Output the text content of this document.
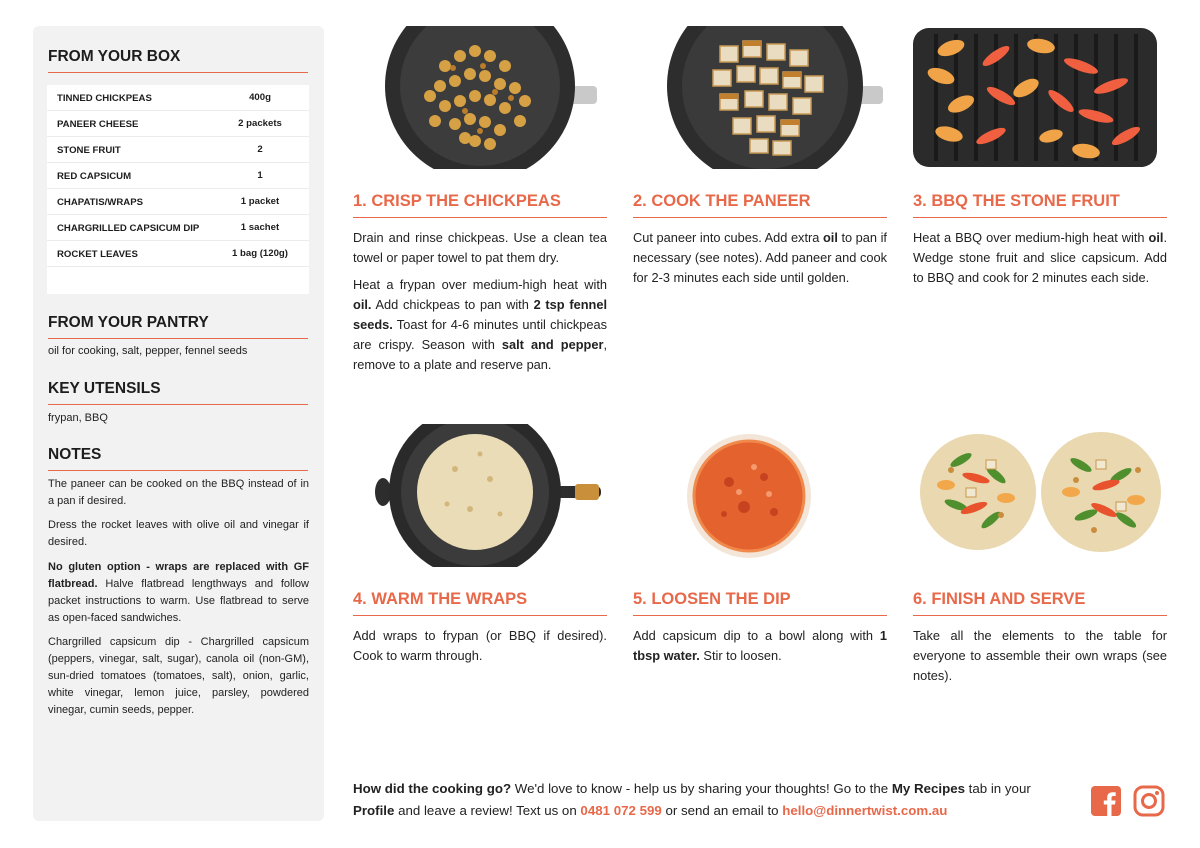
FROM YOUR BOX
TINNED CHICKPEAS	400g
PANEER CHEESE	2 packets
STONE FRUIT	2
RED CAPSICUM	1
CHAPATIS/WRAPS	1 packet
CHARGRILLED CAPSICUM DIP	1 sachet
ROCKET LEAVES	1 bag (120g)
FROM YOUR PANTRY

oil for cooking, salt, pepper, fennel seeds

KEY UTENSILS

frypan, BBQ

NOTES

The paneer can be cooked on the BBQ instead of in a pan if desired.

Dress the rocket leaves with olive oil and vinegar if desired.

No gluten option - wraps are replaced with GF flatbread. Halve flatbread lengthways and follow packet instructions to warm. Use flatbread to serve as open-faced sandwiches.

Chargrilled capsicum dip - Chargrilled capsicum (peppers, vinegar, salt, sugar), canola oil (non-GM), sun-dried tomatoes (tomatoes, salt), onion, garlic, white vinegar, lemon juice, parsley, powdered vinegar, cumin seeds, pepper.

1. CRISP THE CHICKPEAS

Drain and rinse chickpeas. Use a clean tea towel or paper towel to pat them dry.

Heat a frypan over medium-high heat with oil. Add chickpeas to pan with 2 tsp fennel seeds. Toast for 4-6 minutes until chickpeas are crispy. Season with salt and pepper, remove to a plate and reserve pan.

2. COOK THE PANEER

Cut paneer into cubes. Add extra oil to pan if necessary (see notes). Add paneer and cook for 2-3 minutes each side until golden.

3. BBQ THE STONE FRUIT

Heat a BBQ over medium-high heat with oil. Wedge stone fruit and slice capsicum. Add to BBQ and cook for 2 minutes each side.

4. WARM THE WRAPS

Add wraps to frypan (or BBQ if desired). Cook to warm through.

5. LOOSEN THE DIP

Add capsicum dip to a bowl along with 1 tbsp water. Stir to loosen.

6. FINISH AND SERVE

Take all the elements to the table for everyone to assemble their own wraps (see notes).

How did the cooking go? We'd love to know - help us by sharing your thoughts! Go to the My Recipes tab in your Profile and leave a review! Text us on 0481 072 599 or send an email to hello@dinnertwist.com.au
